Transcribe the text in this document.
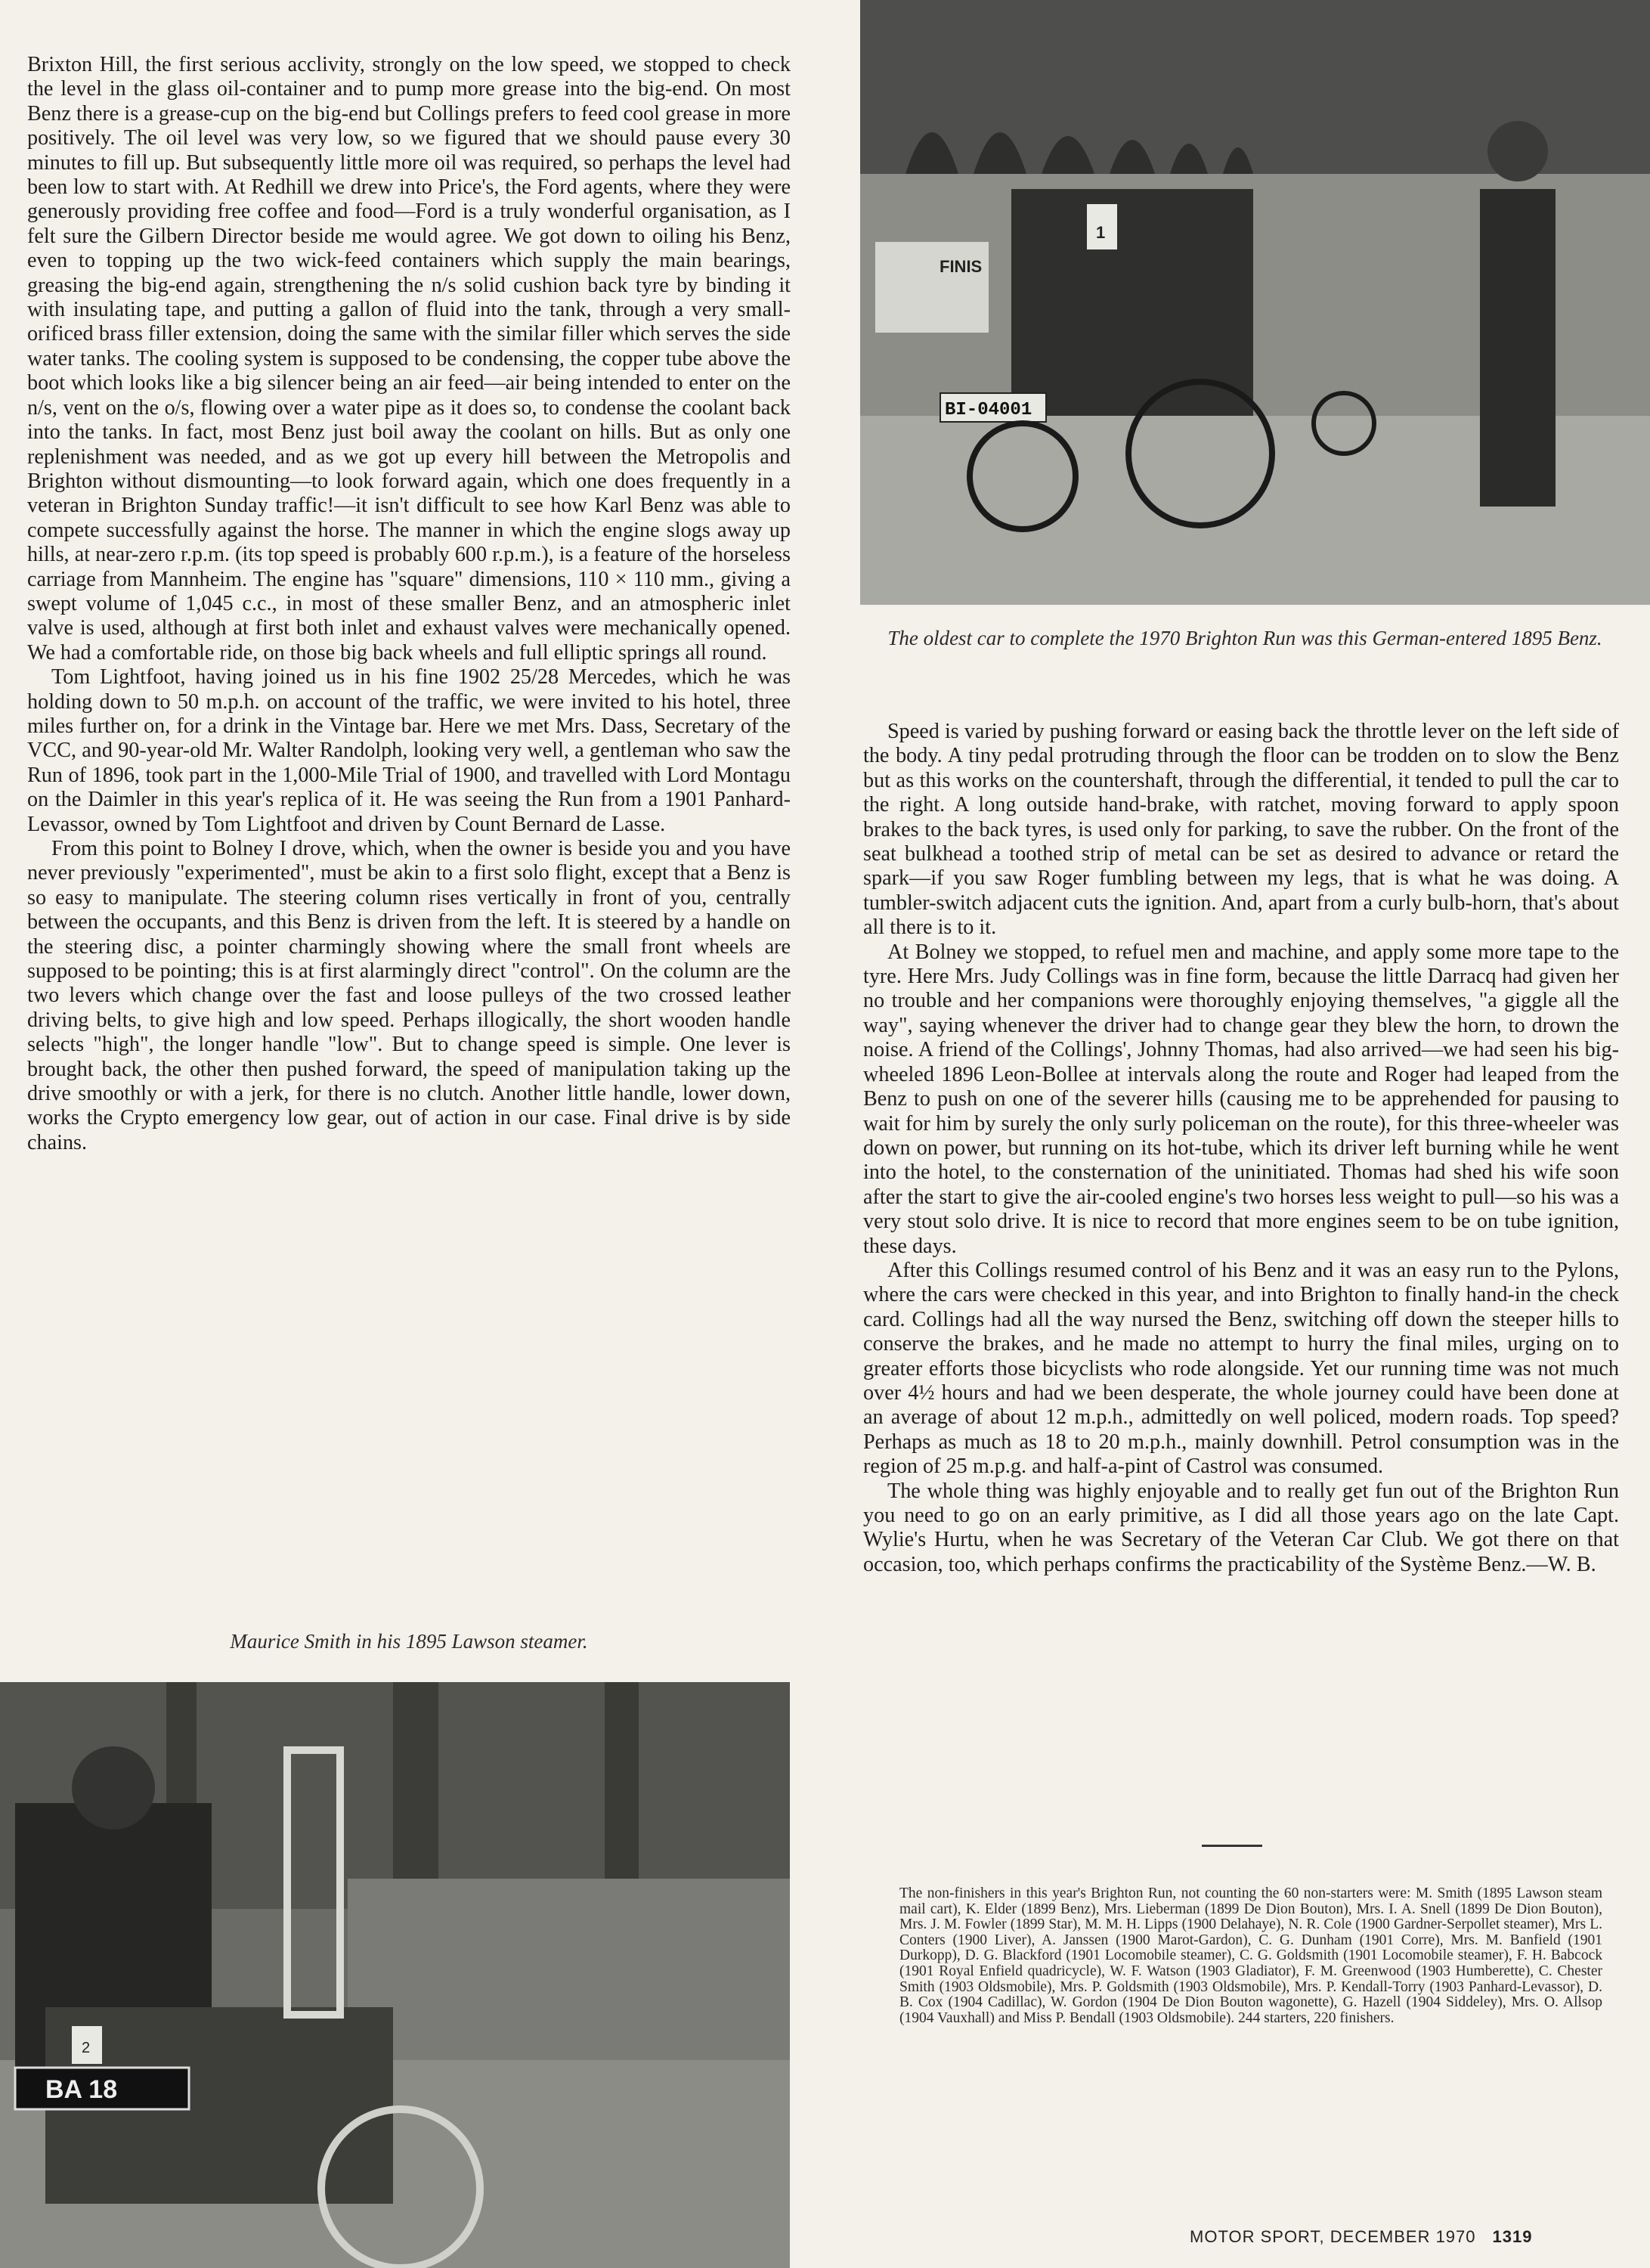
Brixton Hill, the first serious acclivity, strongly on the low speed, we stopped to check the level in the glass oil-container and to pump more grease into the big-end. On most Benz there is a grease-cup on the big-end but Collings prefers to feed cool grease in more positively. The oil level was very low, so we figured that we should pause every 30 minutes to fill up. But subsequently little more oil was required, so perhaps the level had been low to start with. At Redhill we drew into Price's, the Ford agents, where they were generously providing free coffee and food—Ford is a truly wonderful organisation, as I felt sure the Gilbern Director beside me would agree. We got down to oiling his Benz, even to topping up the two wick-feed containers which supply the main bearings, greasing the big-end again, strengthening the n/s solid cushion back tyre by binding it with insulating tape, and putting a gallon of fluid into the tank, through a very small-orificed brass filler extension, doing the same with the similar filler which serves the side water tanks. The cooling system is supposed to be condensing, the copper tube above the boot which looks like a big silencer being an air feed—air being intended to enter on the n/s, vent on the o/s, flowing over a water pipe as it does so, to condense the coolant back into the tanks. In fact, most Benz just boil away the coolant on hills. But as only one replenishment was needed, and as we got up every hill between the Metropolis and Brighton without dismounting—to look forward again, which one does frequently in a veteran in Brighton Sunday traffic!—it isn't difficult to see how Karl Benz was able to compete successfully against the horse. The manner in which the engine slogs away up hills, at near-zero r.p.m. (its top speed is probably 600 r.p.m.), is a feature of the horseless carriage from Mannheim. The engine has "square" dimensions, 110 × 110 mm., giving a swept volume of 1,045 c.c., in most of these smaller Benz, and an atmospheric inlet valve is used, although at first both inlet and exhaust valves were mechanically opened. We had a comfortable ride, on those big back wheels and full elliptic springs all round.

Tom Lightfoot, having joined us in his fine 1902 25/28 Mercedes, which he was holding down to 50 m.p.h. on account of the traffic, we were invited to his hotel, three miles further on, for a drink in the Vintage bar. Here we met Mrs. Dass, Secretary of the VCC, and 90-year-old Mr. Walter Randolph, looking very well, a gentleman who saw the Run of 1896, took part in the 1,000-Mile Trial of 1900, and travelled with Lord Montagu on the Daimler in this year's replica of it. He was seeing the Run from a 1901 Panhard-Levassor, owned by Tom Lightfoot and driven by Count Bernard de Lasse.

From this point to Bolney I drove, which, when the owner is beside you and you have never previously "experimented", must be akin to a first solo flight, except that a Benz is so easy to manipulate. The steering column rises vertically in front of you, centrally between the occupants, and this Benz is driven from the left. It is steered by a handle on the steering disc, a pointer charmingly showing where the small front wheels are supposed to be pointing; this is at first alarmingly direct "control". On the column are the two levers which change over the fast and loose pulleys of the two crossed leather driving belts, to give high and low speed. Perhaps illogically, the short wooden handle selects "high", the longer handle "low". But to change speed is simple. One lever is brought back, the other then pushed forward, the speed of manipulation taking up the drive smoothly or with a jerk, for there is no clutch. Another little handle, lower down, works the Crypto emergency low gear, out of action in our case. Final drive is by side chains.

FINIS
1
BI-04001
The oldest car to complete the 1970 Brighton Run was this German-entered 1895 Benz.

Speed is varied by pushing forward or easing back the throttle lever on the left side of the body. A tiny pedal protruding through the floor can be trodden on to slow the Benz but as this works on the countershaft, through the differential, it tended to pull the car to the right. A long outside hand-brake, with ratchet, moving forward to apply spoon brakes to the back tyres, is used only for parking, to save the rubber. On the front of the seat bulkhead a toothed strip of metal can be set as desired to advance or retard the spark—if you saw Roger fumbling between my legs, that is what he was doing. A tumbler-switch adjacent cuts the ignition. And, apart from a curly bulb-horn, that's about all there is to it.

At Bolney we stopped, to refuel men and machine, and apply some more tape to the tyre. Here Mrs. Judy Collings was in fine form, because the little Darracq had given her no trouble and her companions were thoroughly enjoying themselves, "a giggle all the way", saying whenever the driver had to change gear they blew the horn, to drown the noise. A friend of the Collings', Johnny Thomas, had also arrived—we had seen his big-wheeled 1896 Leon-Bollee at intervals along the route and Roger had leaped from the Benz to push on one of the severer hills (causing me to be apprehended for pausing to wait for him by surely the only surly policeman on the route), for this three-wheeler was down on power, but running on its hot-tube, which its driver left burning while he went into the hotel, to the consternation of the uninitiated. Thomas had shed his wife soon after the start to give the air-cooled engine's two horses less weight to pull—so his was a very stout solo drive. It is nice to record that more engines seem to be on tube ignition, these days.

After this Collings resumed control of his Benz and it was an easy run to the Pylons, where the cars were checked in this year, and into Brighton to finally hand-in the check card. Collings had all the way nursed the Benz, switching off down the steeper hills to conserve the brakes, and he made no attempt to hurry the final miles, urging on to greater efforts those bicyclists who rode alongside. Yet our running time was not much over 4½ hours and had we been desperate, the whole journey could have been done at an average of about 12 m.p.h., admittedly on well policed, modern roads. Top speed? Perhaps as much as 18 to 20 m.p.h., mainly downhill. Petrol consumption was in the region of 25 m.p.g. and half-a-pint of Castrol was consumed.

The whole thing was highly enjoyable and to really get fun out of the Brighton Run you need to go on an early primitive, as I did all those years ago on the late Capt. Wylie's Hurtu, when he was Secretary of the Veteran Car Club. We got there on that occasion, too, which perhaps confirms the practicability of the Système Benz.—W. B.

The non-finishers in this year's Brighton Run, not counting the 60 non-starters were: M. Smith (1895 Lawson steam mail cart), K. Elder (1899 Benz), Mrs. Lieberman (1899 De Dion Bouton), Mrs. I. A. Snell (1899 De Dion Bouton), Mrs. J. M. Fowler (1899 Star), M. M. H. Lipps (1900 Delahaye), N. R. Cole (1900 Gardner-Serpollet steamer), Mrs L. Conters (1900 Liver), A. Janssen (1900 Marot-Gardon), C. G. Dunham (1901 Corre), Mrs. M. Banfield (1901 Durkopp), D. G. Blackford (1901 Locomobile steamer), C. G. Goldsmith (1901 Locomobile steamer), F. H. Babcock (1901 Royal Enfield quadricycle), W. F. Watson (1903 Gladiator), F. M. Greenwood (1903 Humberette), C. Chester Smith (1903 Oldsmobile), Mrs. P. Goldsmith (1903 Oldsmobile), Mrs. P. Kendall-Torry (1903 Panhard-Levassor), D. B. Cox (1904 Cadillac), W. Gordon (1904 De Dion Bouton wagonette), G. Hazell (1904 Siddeley), Mrs. O. Allsop (1904 Vauxhall) and Miss P. Bendall (1903 Oldsmobile). 244 starters, 220 finishers.
Maurice Smith in his 1895 Lawson steamer.
2
BA 18
MOTOR SPORT, DECEMBER 1970 1319
